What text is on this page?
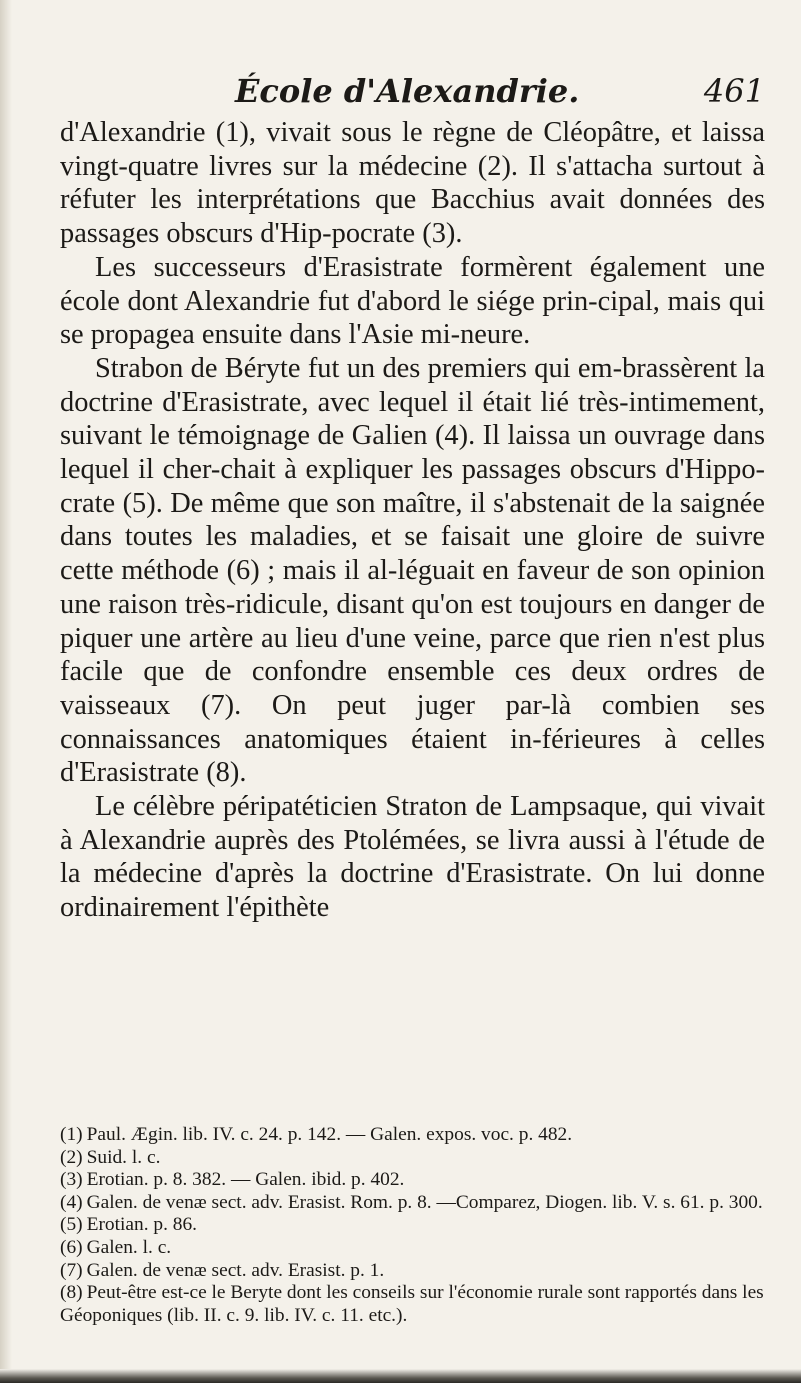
École d'Alexandrie.	461

d'Alexandrie (1), vivait sous le règne de Cléopâtre, et laissa vingt-quatre livres sur la médecine (2). Il s'attacha surtout à réfuter les interprétations que Bacchius avait données des passages obscurs d'Hip-pocrate (3).

Les successeurs d'Erasistrate formèrent également une école dont Alexandrie fut d'abord le siége prin-cipal, mais qui se propagea ensuite dans l'Asie mi-neure.

Strabon de Béryte fut un des premiers qui em-brassèrent la doctrine d'Erasistrate, avec lequel il était lié très-intimement, suivant le témoignage de Galien (4). Il laissa un ouvrage dans lequel il cher-chait à expliquer les passages obscurs d'Hippo-crate (5). De même que son maître, il s'abstenait de la saignée dans toutes les maladies, et se faisait une gloire de suivre cette méthode (6) ; mais il al-léguait en faveur de son opinion une raison très-ridicule, disant qu'on est toujours en danger de piquer une artère au lieu d'une veine, parce que rien n'est plus facile que de confondre ensemble ces deux ordres de vaisseaux (7). On peut juger par-là combien ses connaissances anatomiques étaient in-férieures à celles d'Erasistrate (8).

Le célèbre péripatéticien Straton de Lampsaque, qui vivait à Alexandrie auprès des Ptolémées, se livra aussi à l'étude de la médecine d'après la doctrine d'Erasistrate. On lui donne ordinairement l'épithète

(1) Paul. Ægin. lib. IV. c. 24. p. 142. — Galen. expos. voc. p. 482.

(2) Suid. l. c.

(3) Erotian. p. 8. 382. — Galen. ibid. p. 402.

(4) Galen. de venæ sect. adv. Erasist. Rom. p. 8. —Comparez, Diogen. lib. V. s. 61. p. 300.

(5) Erotian. p. 86.

(6) Galen. l. c.

(7) Galen. de venæ sect. adv. Erasist. p. 1.

(8) Peut-être est-ce le Beryte dont les conseils sur l'économie rurale sont rapportés dans les Géoponiques (lib. II. c. 9. lib. IV. c. 11. etc.).
